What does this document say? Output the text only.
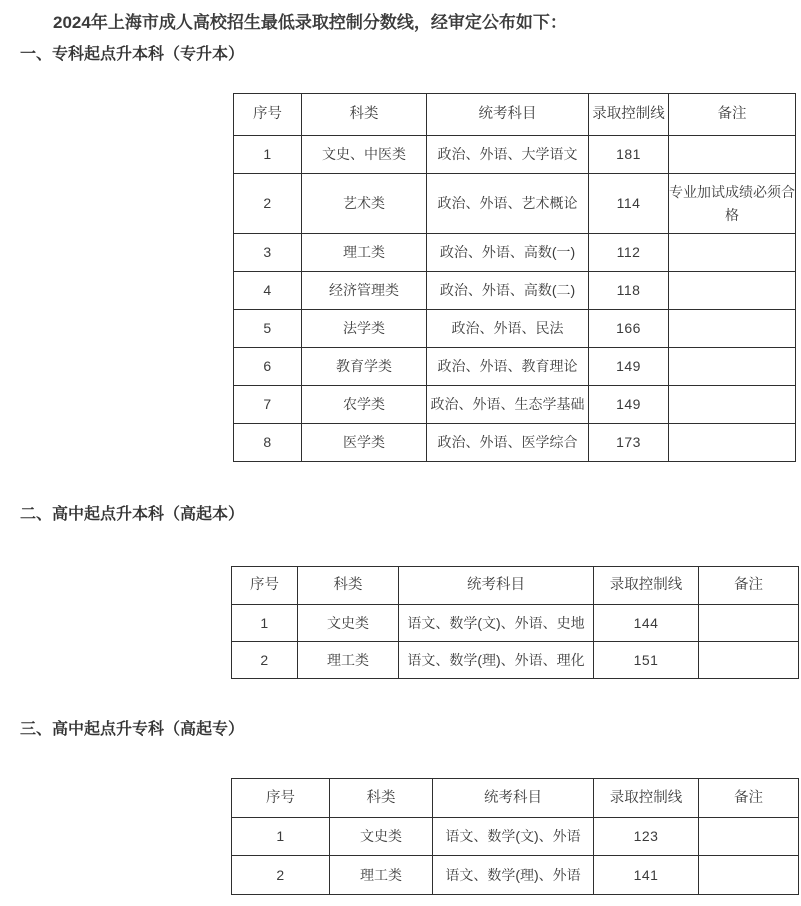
2024年上海市成人高校招生最低录取控制分数线，经审定公布如下：

一、专科起点升本科（专升本）
序号	科类	统考科目	录取控制线	备注
1	文史、中医类	政治、外语、大学语文	181	
2	艺术类	政治、外语、艺术概论	114	专业加试成绩必须合格
3	理工类	政治、外语、高数(一)	112	
4	经济管理类	政治、外语、高数(二)	118	
5	法学类	政治、外语、民法	166	
6	教育学类	政治、外语、教育理论	149	
7	农学类	政治、外语、生态学基础	149	
8	医学类	政治、外语、医学综合	173	
二、高中起点升本科（高起本）
序号	科类	统考科目	录取控制线	备注
1	文史类	语文、数学(文)、外语、史地	144	
2	理工类	语文、数学(理)、外语、理化	151	
三、高中起点升专科（高起专）
序号	科类	统考科目	录取控制线	备注
1	文史类	语文、数学(文)、外语	123	
2	理工类	语文、数学(理)、外语	141	
